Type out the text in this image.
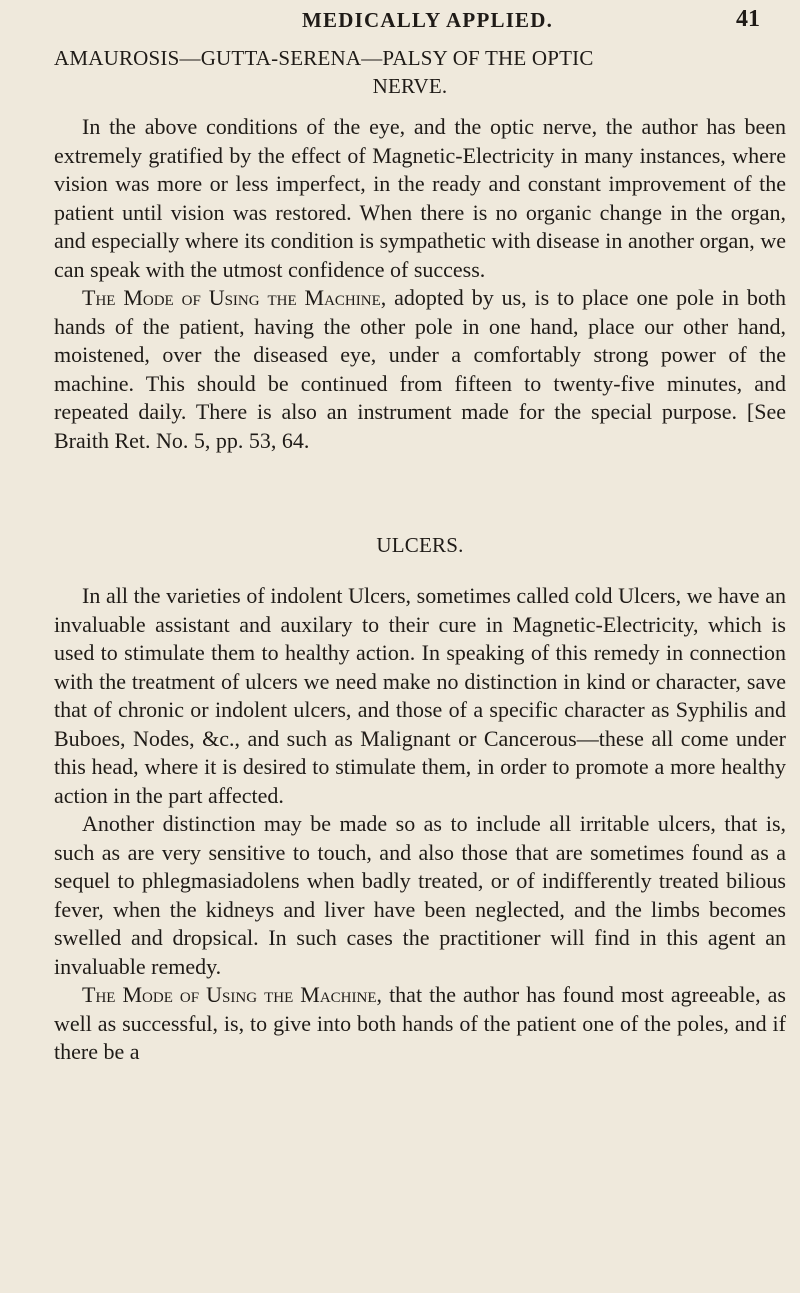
MEDICALLY APPLIED.	41
AMAUROSIS—GUTTA-SERENA—PALSY OF THE OPTIC
NERVE.

In the above conditions of the eye, and the optic nerve, the author has been extremely gratified by the effect of Magnetic-Electricity in many instances, where vision was more or less imperfect, in the ready and constant improvement of the patient until vision was restored. When there is no organic change in the organ, and especially where its condition is sympathetic with disease in another organ, we can speak with the utmost confidence of success.

The Mode of Using the Machine, adopted by us, is to place one pole in both hands of the patient, having the other pole in one hand, place our other hand, moistened, over the diseased eye, under a comfortably strong power of the machine. This should be continued from fifteen to twenty-five minutes, and repeated daily. There is also an instrument made for the special purpose. [See Braith Ret. No. 5, pp. 53, 64.

ULCERS.

In all the varieties of indolent Ulcers, sometimes called cold Ulcers, we have an invaluable assistant and auxilary to their cure in Magnetic-Electricity, which is used to stimulate them to healthy action. In speaking of this remedy in connection with the treatment of ulcers we need make no distinction in kind or character, save that of chronic or indolent ulcers, and those of a specific character as Syphilis and Buboes, Nodes, &c., and such as Malignant or Cancerous—these all come under this head, where it is desired to stimulate them, in order to promote a more healthy action in the part affected.

Another distinction may be made so as to include all irritable ulcers, that is, such as are very sensitive to touch, and also those that are sometimes found as a sequel to phlegmasiadolens when badly treated, or of indifferently treated bilious fever, when the kidneys and liver have been neglected, and the limbs becomes swelled and dropsical. In such cases the practitioner will find in this agent an invaluable remedy.

The Mode of Using the Machine, that the author has found most agreeable, as well as successful, is, to give into both hands of the patient one of the poles, and if there be a
